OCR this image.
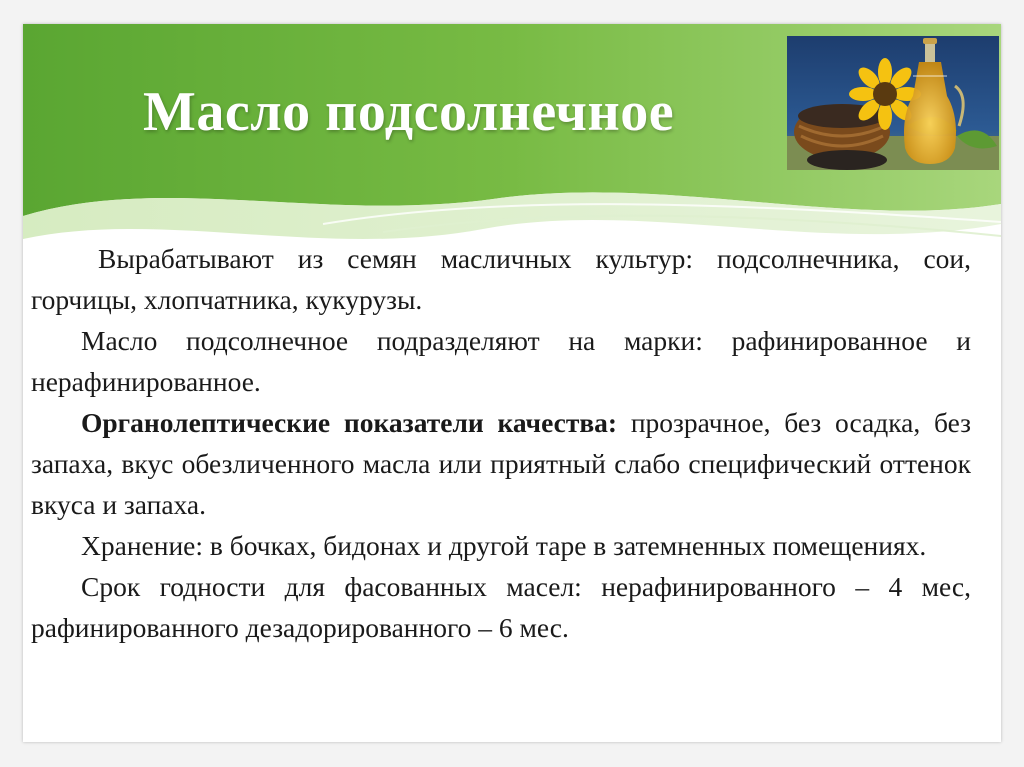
Масло подсолнечное

Вырабатывают из семян масличных культур: подсолнечника, сои, горчицы, хлопчатника, кукурузы.

Масло подсолнечное подразделяют на марки: рафинированное и нерафинированное.

Органолептические показатели качества: прозрачное, без осадка, без запаха, вкус обезличенного масла или приятный слабо специфический оттенок вкуса и запаха.

Хранение: в бочках, бидонах и другой таре в затемненных помещениях.

Срок годности для фасованных масел: нерафинированного – 4 мес, рафинированного дезадорированного – 6 мес.
